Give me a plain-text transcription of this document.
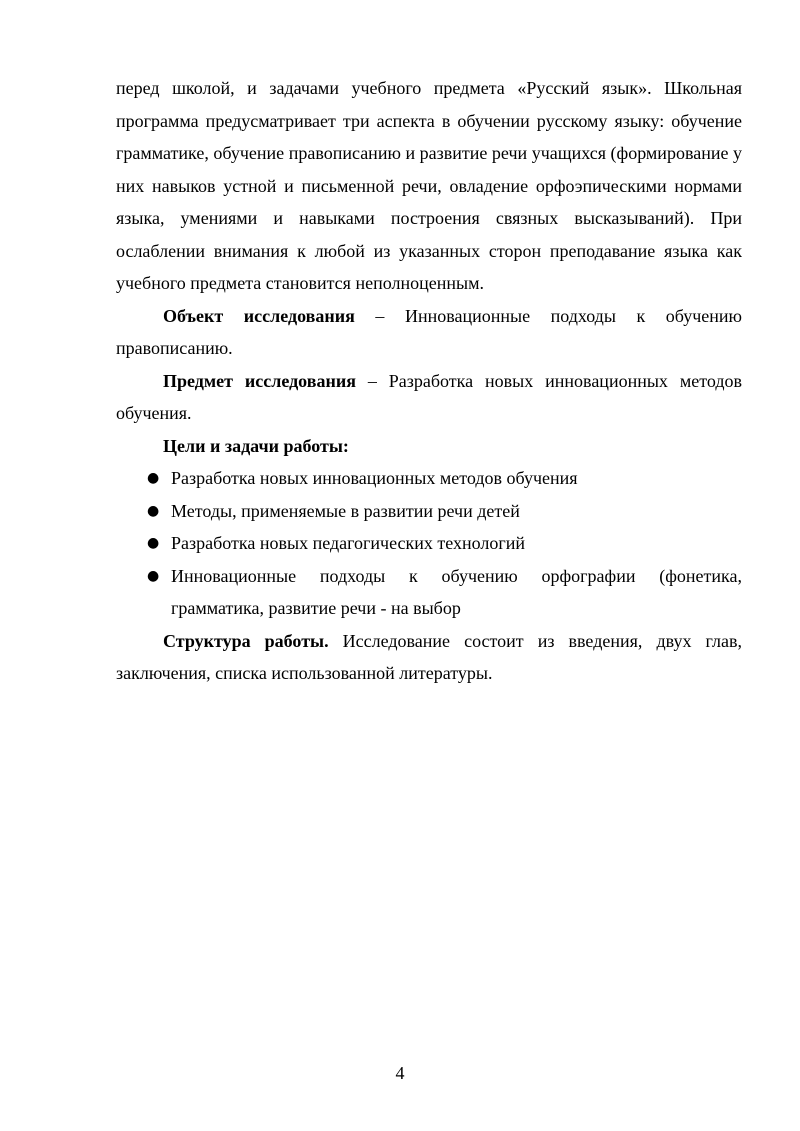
перед школой, и задачами учебного предмета «Русский язык». Школьная программа предусматривает три аспекта в обучении русскому языку: обучение грамматике, обучение правописанию и развитие речи учащихся (формирование у них навыков устной и письменной речи, овладение орфоэпическими нормами языка, умениями и навыками построения связных высказываний). При ослаблении внимания к любой из указанных сторон преподавание языка как учебного предмета становится неполноценным.

Объект исследования – Инновационные подходы к обучению правописанию.

Предмет исследования – Разработка новых инновационных методов обучения.

Цели и задачи работы:

● Разработка новых инновационных методов обучения
● Методы, применяемые в развитии речи детей
● Разработка новых педагогических технологий
● Инновационные подходы к обучению орфографии (фонетика, грамматика, развитие речи - на выбор

Структура работы. Исследование состоит из введения, двух глав, заключения, списка использованной литературы.

4
